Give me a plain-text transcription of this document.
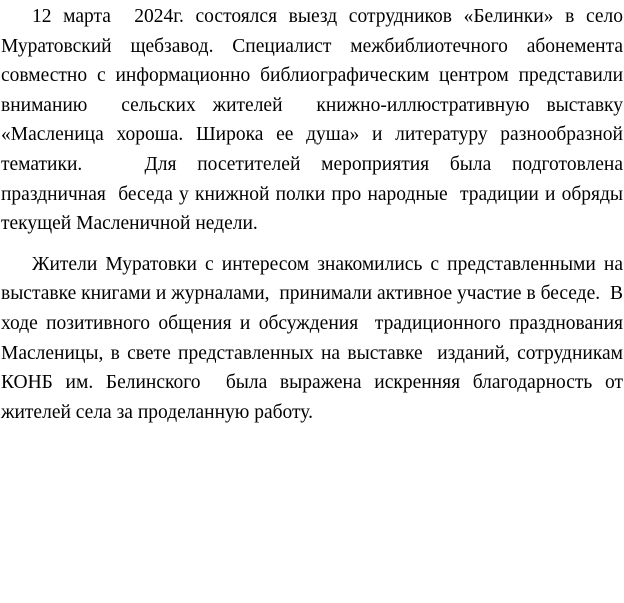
12 марта  2024г. состоялся выезд сотрудников «Белинки» в село Муратовский щебзавод. Специалист межбиблиотечного абонемента совместно с информационно библиографическим центром представили вниманию  сельских жителей  книжно-иллюстративную выставку «Масленица хороша. Широка ее душа» и литературу разнообразной тематики.   Для посетителей мероприятия была подготовлена   праздничная  беседа у книжной полки про народные  традиции и обряды  текущей Масленичной недели.

Жители Муратовки с интересом знакомились с представленными на выставке книгами и журналами,  принимали активное участие в беседе.  В ходе позитивного общения и обсуждения  традиционного празднования  Масленицы, в свете представленных на выставке  изданий, сотрудникам КОНБ им. Белинского  была выражена искренняя благодарность от жителей села за проделанную работу.
